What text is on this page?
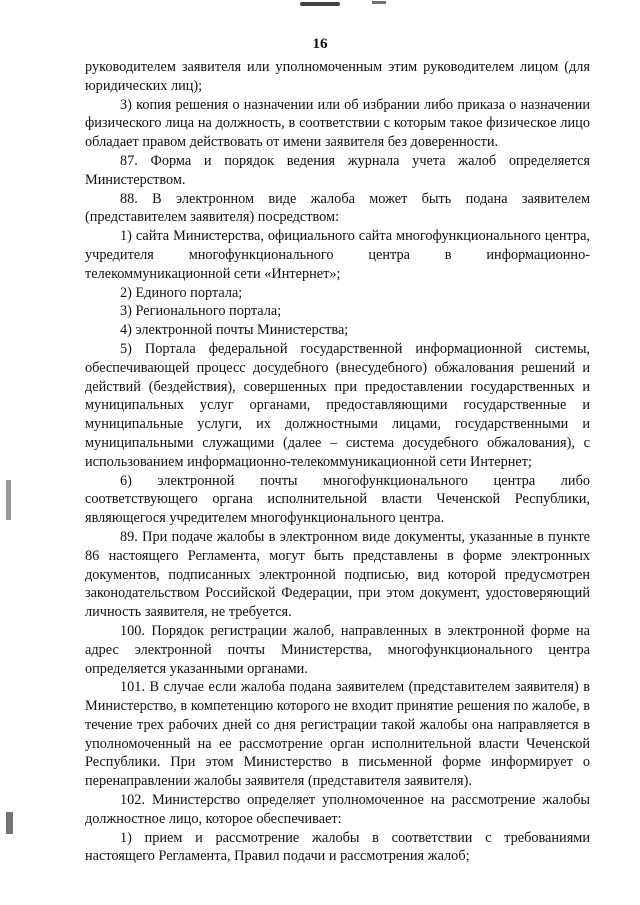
16

руководителем заявителя или уполномоченным этим руководителем лицом (для юридических лиц);

3) копия решения о назначении или об избрании либо приказа о назначении физического лица на должность, в соответствии с которым такое физическое лицо обладает правом действовать от имени заявителя без доверенности.

87. Форма и порядок ведения журнала учета жалоб определяется Министерством.

88. В электронном виде жалоба может быть подана заявителем (представителем заявителя) посредством:

1) сайта Министерства, официального сайта многофункционального центра, учредителя многофункционального центра в информационно-телекоммуникационной сети «Интернет»;

2) Единого портала;

3) Регионального портала;

4) электронной почты Министерства;

5) Портала федеральной государственной информационной системы, обеспечивающей процесс досудебного (внесудебного) обжалования решений и действий (бездействия), совершенных при предоставлении государственных и муниципальных услуг органами, предоставляющими государственные и муниципальные услуги, их должностными лицами, государственными и муниципальными служащими (далее – система досудебного обжалования), с использованием информационно-телекоммуникационной сети Интернет;

6) электронной почты многофункционального центра либо соответствующего органа исполнительной власти Чеченской Республики, являющегося учредителем многофункционального центра.

89. При подаче жалобы в электронном виде документы, указанные в пункте 86 настоящего Регламента, могут быть представлены в форме электронных документов, подписанных электронной подписью, вид которой предусмотрен законодательством Российской Федерации, при этом документ, удостоверяющий личность заявителя, не требуется.

100. Порядок регистрации жалоб, направленных в электронной форме на адрес электронной почты Министерства, многофункционального центра определяется указанными органами.

101. В случае если жалоба подана заявителем (представителем заявителя) в Министерство, в компетенцию которого не входит принятие решения по жалобе, в течение трех рабочих дней со дня регистрации такой жалобы она направляется в уполномоченный на ее рассмотрение орган исполнительной власти Чеченской Республики. При этом Министерство в письменной форме информирует о перенаправлении жалобы заявителя (представителя заявителя).

102. Министерство определяет уполномоченное на рассмотрение жалобы должностное лицо, которое обеспечивает:

1) прием и рассмотрение жалобы в соответствии с требованиями настоящего Регламента, Правил подачи и рассмотрения жалоб;
